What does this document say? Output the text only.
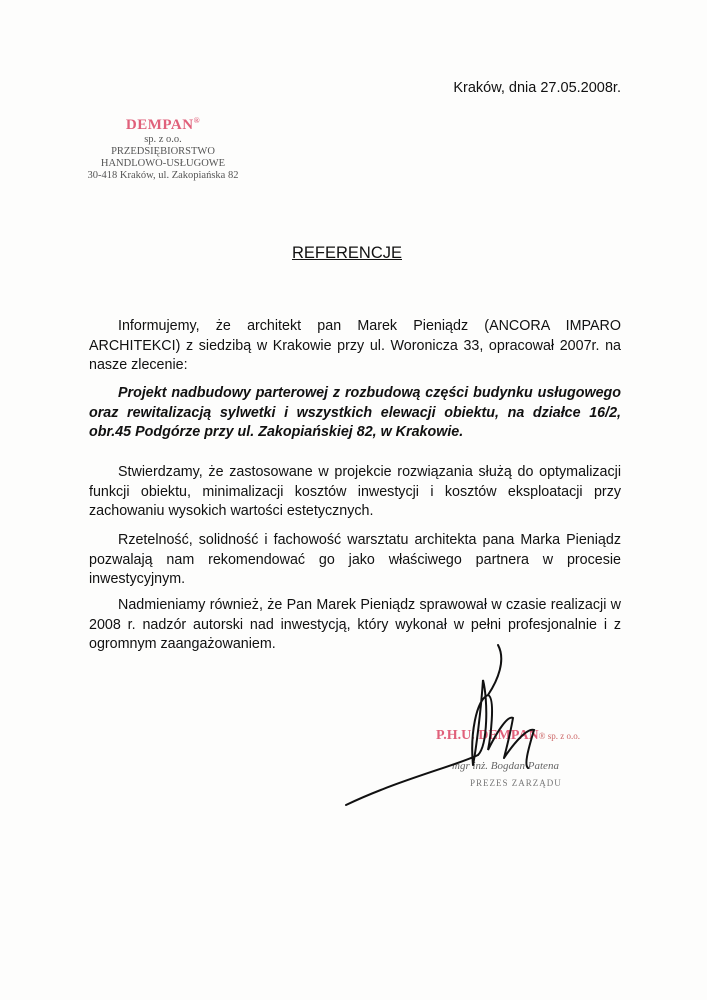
Kraków, dnia 27.05.2008r.
DEMPAN®
sp. z o.o.
PRZEDSIĘBIORSTWO
HANDLOWO-USŁUGOWE
30-418 Kraków, ul. Zakopiańska 82
REFERENCJE

Informujemy, że architekt pan Marek Pieniądz (ANCORA IMPARO ARCHITEKCI) z siedzibą w Krakowie przy ul. Woronicza 33, opracował 2007r. na nasze zlecenie:

Projekt nadbudowy parterowej z rozbudową części budynku usługowego oraz rewitalizacją sylwetki i wszystkich elewacji obiektu, na działce 16/2, obr.45 Podgórze przy ul. Zakopiańskiej 82, w Krakowie.

Stwierdzamy, że zastosowane w projekcie rozwiązania służą do optymalizacji funkcji obiektu, minimalizacji kosztów inwestycji i kosztów eksploatacji przy zachowaniu wysokich wartości estetycznych.

Rzetelność, solidność i fachowość warsztatu architekta pana Marka Pieniądz pozwalają nam rekomendować go jako właściwego partnera w procesie inwestycyjnym.

Nadmieniamy również, że Pan Marek Pieniądz sprawował w czasie realizacji w 2008 r. nadzór autorski nad inwestycją, który wykonał w pełni profesjonalnie i z ogromnym zaangażowaniem.

P.H.U. DEMPAN® sp. z o.o.
mgr inż. Bogdan Patena
PREZES ZARZĄDU
